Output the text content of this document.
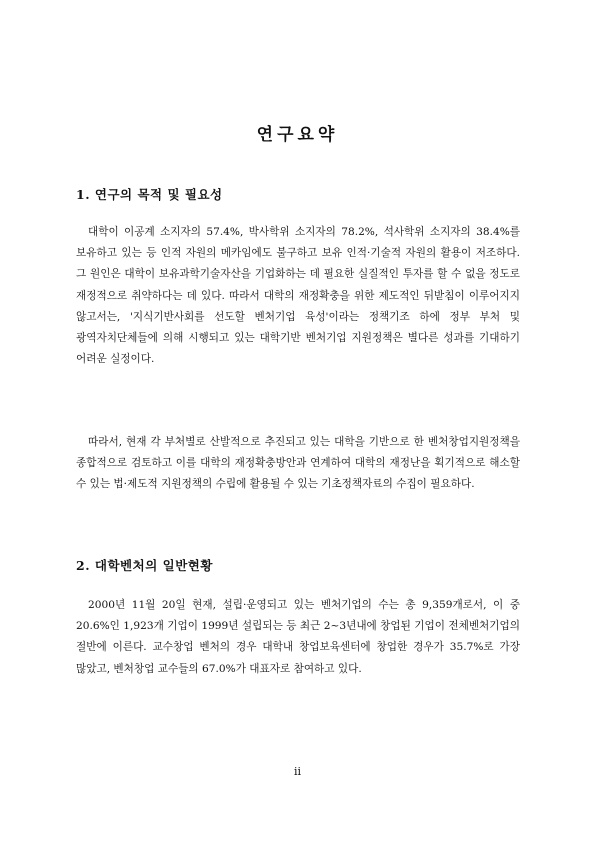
연구요약
1. 연구의 목적 및 필요성

대학이 이공계 소지자의 57.4%, 박사학위 소지자의 78.2%, 석사학위 소지자의 38.4%를 보유하고 있는 등 인적 자원의 메카임에도 불구하고 보유 인적·기술적 자원의 활용이 저조하다. 그 원인은 대학이 보유과학기술자산을 기업화하는 데 필요한 실질적인 투자를 할 수 없을 정도로 재정적으로 취약하다는 데 있다. 따라서 대학의 재정확충을 위한 제도적인 뒤받침이 이루어지지 않고서는, '지식기반사회를 선도할 벤처기업 육성'이라는 정책기조 하에 정부 부처 및 광역자치단체들에 의해 시행되고 있는 대학기반 벤처기업 지원정책은 별다른 성과를 기대하기 어려운 실정이다.

따라서, 현재 각 부처별로 산발적으로 추진되고 있는 대학을 기반으로 한 벤처창업지원정책을 종합적으로 검토하고 이를 대학의 재정확충방안과 연계하여 대학의 재정난을 획기적으로 해소할 수 있는 법·제도적 지원정책의 수립에 활용될 수 있는 기초정책자료의 수집이 필요하다.

2. 대학벤처의 일반현황

2000년 11월 20일 현재, 설립·운영되고 있는 벤처기업의 수는 총 9,359개로서, 이 중 20.6%인 1,923개 기업이 1999년 설립되는 등 최근 2~3년내에 창업된 기업이 전체벤처기업의 절반에 이른다. 교수창업 벤처의 경우 대학내 창업보육센터에 창업한 경우가 35.7%로 가장 많았고, 벤처창업 교수들의 67.0%가 대표자로 참여하고 있다.

ii
